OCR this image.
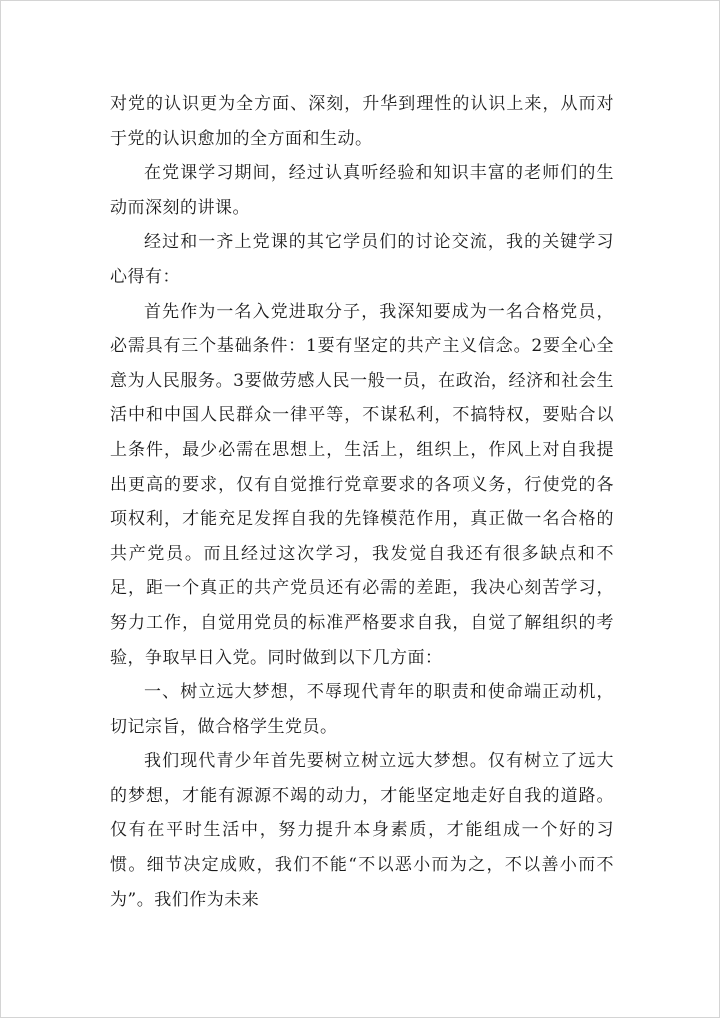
对党的认识更为全方面、深刻，升华到理性的认识上来，从而对于党的认识愈加的全方面和生动。

在党课学习期间，经过认真听经验和知识丰富的老师们的生动而深刻的讲课。

经过和一齐上党课的其它学员们的讨论交流，我的关键学习心得有：

首先作为一名入党进取分子，我深知要成为一名合格党员，必需具有三个基础条件：1要有坚定的共产主义信念。2要全心全意为人民服务。3要做劳感人民一般一员，在政治，经济和社会生活中和中国人民群众一律平等，不谋私利，不搞特权，要贴合以上条件，最少必需在思想上，生活上，组织上，作风上对自我提出更高的要求，仅有自觉推行党章要求的各项义务，行使党的各项权利，才能充足发挥自我的先锋模范作用，真正做一名合格的共产党员。而且经过这次学习，我发觉自我还有很多缺点和不足，距一个真正的共产党员还有必需的差距，我决心刻苦学习，努力工作，自觉用党员的标准严格要求自我，自觉了解组织的考验，争取早日入党。同时做到以下几方面：

一、树立远大梦想，不辱现代青年的职责和使命端正动机，切记宗旨，做合格学生党员。

我们现代青少年首先要树立树立远大梦想。仅有树立了远大的梦想，才能有源源不竭的动力，才能坚定地走好自我的道路。仅有在平时生活中，努力提升本身素质，才能组成一个好的习惯。细节决定成败，我们不能“不以恶小而为之，不以善小而不为”。我们作为未来
